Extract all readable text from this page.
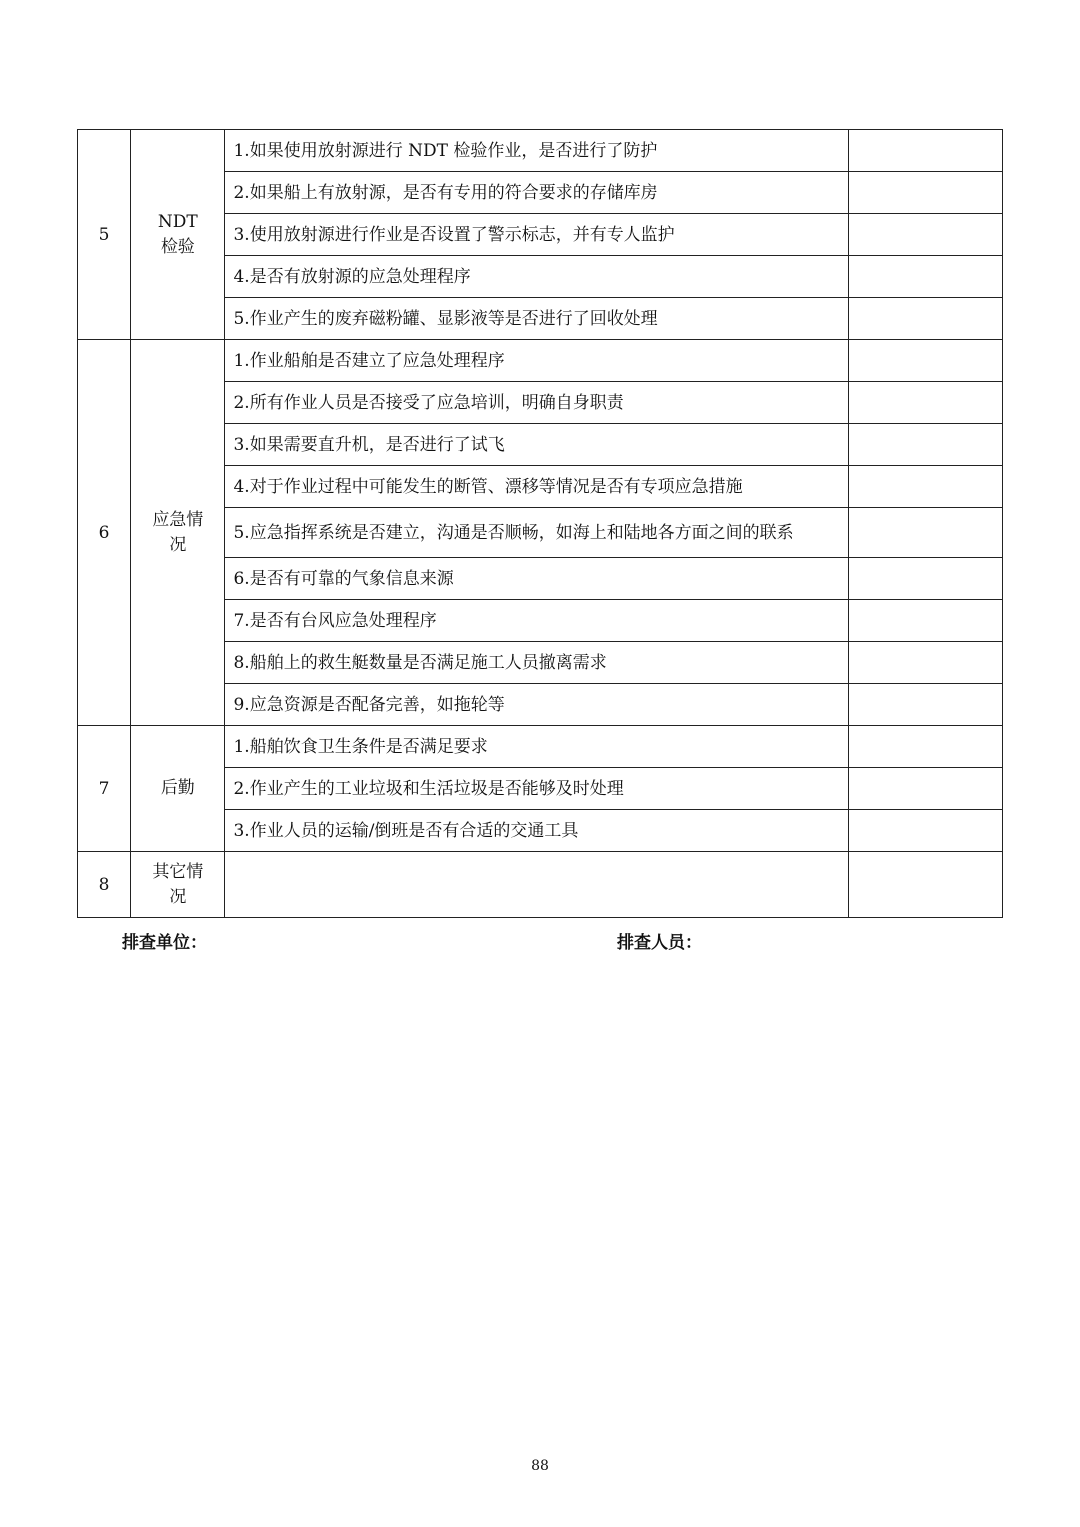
5	NDT 检验	1.如果使用放射源进行 NDT 检验作业，是否进行了防护	
		2.如果船上有放射源，是否有专用的符合要求的存储库房	
		3.使用放射源进行作业是否设置了警示标志，并有专人监护	
		4.是否有放射源的应急处理程序	
		5.作业产生的废弃磁粉罐、显影液等是否进行了回收处理	
6	应急情况	1.作业船舶是否建立了应急处理程序	
		2.所有作业人员是否接受了应急培训，明确自身职责	
		3.如果需要直升机，是否进行了试飞	
		4.对于作业过程中可能发生的断管、漂移等情况是否有专项应急措施	
		5.应急指挥系统是否建立，沟通是否顺畅，如海上和陆地各方面之间的联系	
		6.是否有可靠的气象信息来源	
		7.是否有台风应急处理程序	
		8.船舶上的救生艇数量是否满足施工人员撤离需求	
		9.应急资源是否配备完善，如拖轮等	
7	后勤	1.船舶饮食卫生条件是否满足要求	
		2.作业产生的工业垃圾和生活垃圾是否能够及时处理	
		3.作业人员的运输/倒班是否有合适的交通工具	
8	其它情况		
排查单位：	排查人员：
88
